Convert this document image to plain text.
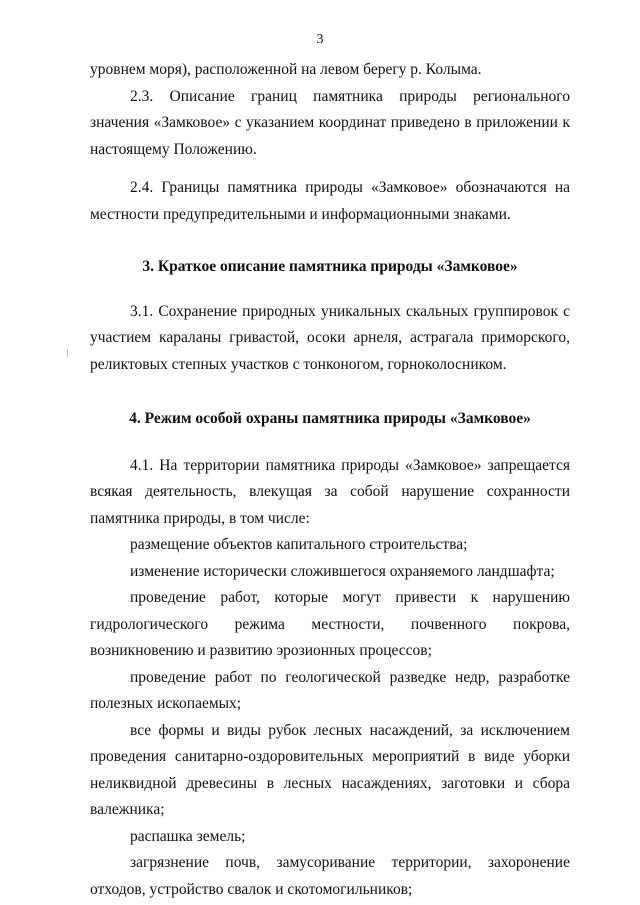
3

уровнем моря), расположенной на левом берегу р. Колыма.

2.3. Описание границ памятника природы регионального значения «Замковое» с указанием координат приведено в приложении к настоящему Положению.

2.4. Границы памятника природы «Замковое» обозначаются на местности предупредительными и информационными знаками.

3. Краткое описание памятника природы «Замковое»

3.1. Сохранение природных уникальных скальных группировок с участием караланы гривастой, осоки арнеля, астрагала приморского, реликтовых степных участков с тонконогом, горноколосником.

4. Режим особой охраны памятника природы «Замковое»

4.1. На территории памятника природы «Замковое» запрещается всякая деятельность, влекущая за собой нарушение сохранности памятника природы, в том числе:

размещение объектов капитального строительства;

изменение исторически сложившегося охраняемого ландшафта;

проведение работ, которые могут привести к нарушению гидрологического режима местности, почвенного покрова, возникновению и развитию эрозионных процессов;

проведение работ по геологической разведке недр, разработке полезных ископаемых;

все формы и виды рубок лесных насаждений, за исключением проведения санитарно-оздоровительных мероприятий в виде уборки неликвидной древесины в лесных насаждениях, заготовки и сбора валежника;

распашка земель;

загрязнение почв, замусоривание территории, захоронение отходов, устройство свалок и скотомогильников;
